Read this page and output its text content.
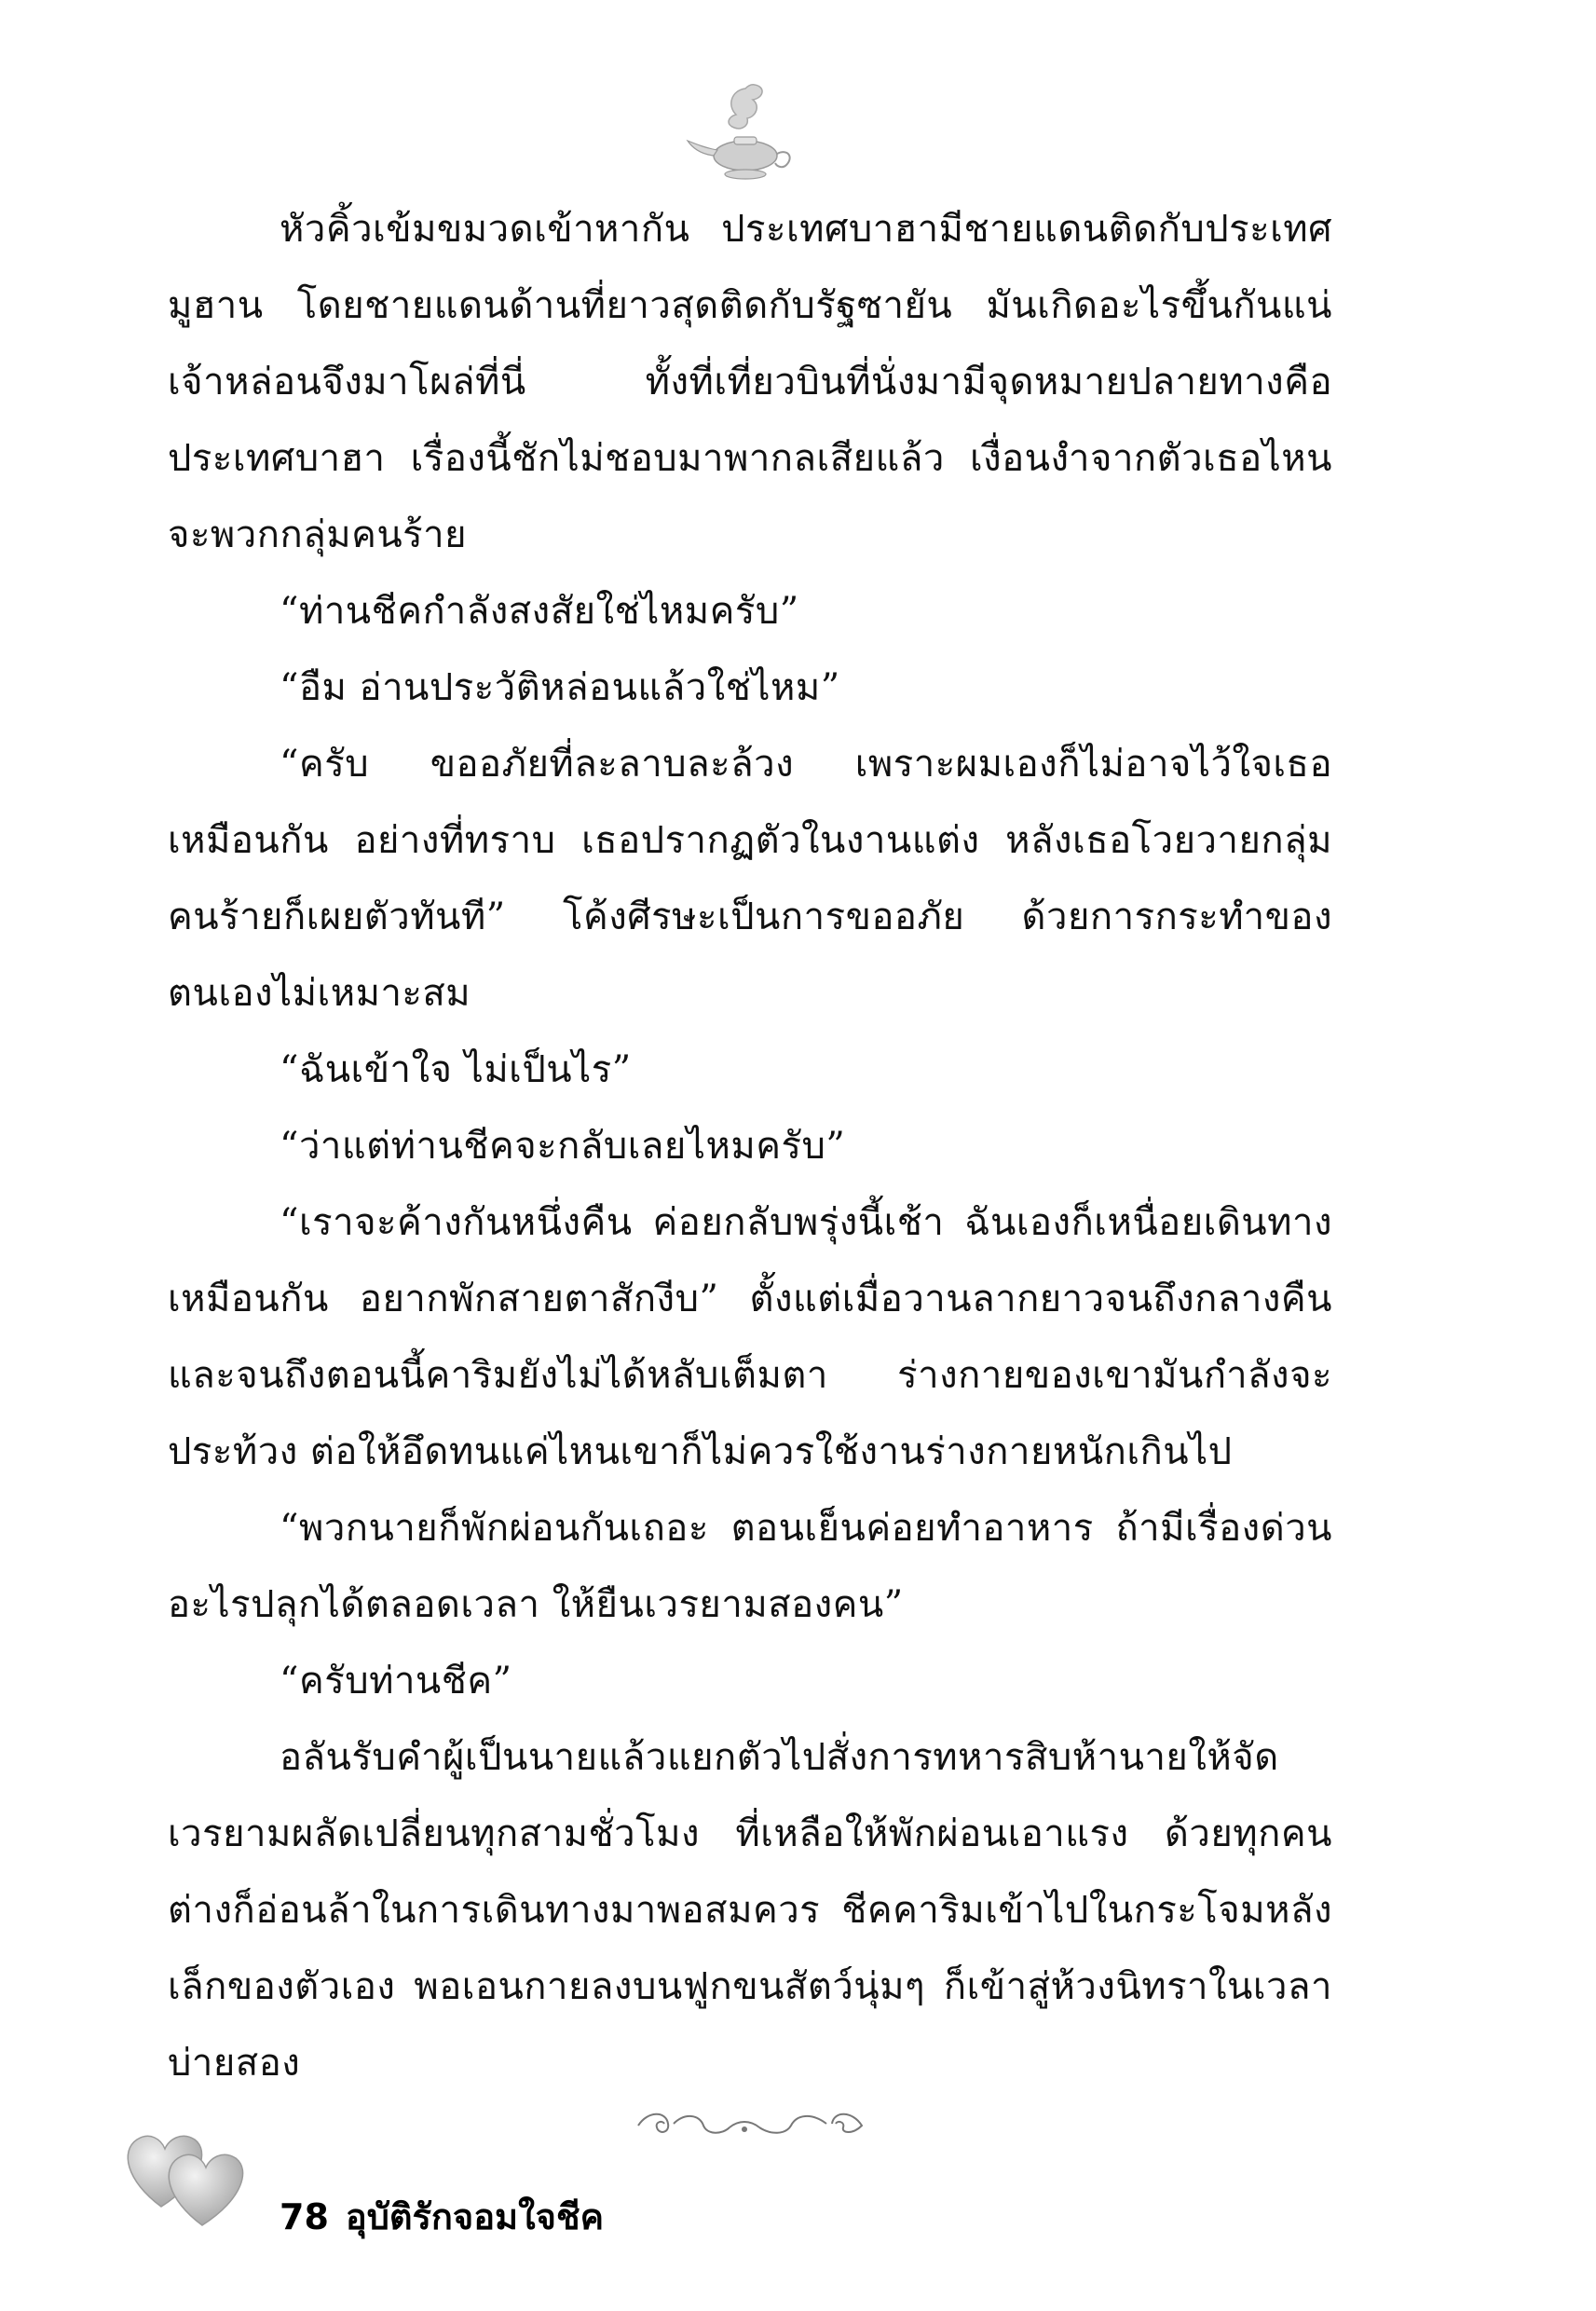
หัวคิ้วเข้มขมวดเข้าหากัน ประเทศบาฮามีชายแดนติดกับประเทศมูฮาน โดยชายแดนด้านที่ยาวสุดติดกับรัฐซายัน มันเกิดอะไรขึ้นกันแน่ เจ้าหล่อนจึงมาโผล่ที่นี่ ทั้งที่เที่ยวบินที่นั่งมามีจุดหมายปลายทางคือประเทศบาฮา เรื่องนี้ชักไม่ชอบมาพากลเสียแล้ว เงื่อนงำจากตัวเธอไหนจะพวกกลุ่มคนร้าย

“ท่านชีคกำลังสงสัยใช่ไหมครับ”

“อืม อ่านประวัติหล่อนแล้วใช่ไหม”

“ครับ ขออภัยที่ละลาบละล้วง เพราะผมเองก็ไม่อาจไว้ใจเธอเหมือนกัน อย่างที่ทราบ เธอปรากฏตัวในงานแต่ง หลังเธอโวยวายกลุ่มคนร้ายก็เผยตัวทันที” โค้งศีรษะเป็นการขออภัย ด้วยการกระทำของตนเองไม่เหมาะสม

“ฉันเข้าใจ ไม่เป็นไร”

“ว่าแต่ท่านชีคจะกลับเลยไหมครับ”

“เราจะค้างกันหนึ่งคืน ค่อยกลับพรุ่งนี้เช้า ฉันเองก็เหนื่อยเดินทางเหมือนกัน อยากพักสายตาสักงีบ” ตั้งแต่เมื่อวานลากยาวจนถึงกลางคืนและจนถึงตอนนี้คาริมยังไม่ได้หลับเต็มตา ร่างกายของเขามันกำลังจะประท้วง ต่อให้อึดทนแค่ไหนเขาก็ไม่ควรใช้งานร่างกายหนักเกินไป

“พวกนายก็พักผ่อนกันเถอะ ตอนเย็นค่อยทำอาหาร ถ้ามีเรื่องด่วนอะไรปลุกได้ตลอดเวลา ให้ยืนเวรยามสองคน”

“ครับท่านชีค”

อลันรับคำผู้เป็นนายแล้วแยกตัวไปสั่งการทหารสิบห้านายให้จัดเวรยามผลัดเปลี่ยนทุกสามชั่วโมง ที่เหลือให้พักผ่อนเอาแรง ด้วยทุกคนต่างก็อ่อนล้าในการเดินทางมาพอสมควร ชีคคาริมเข้าไปในกระโจมหลังเล็กของตัวเอง พอเอนกายลงบนฟูกขนสัตว์นุ่มๆ ก็เข้าสู่ห้วงนิทราในเวลาบ่ายสอง

78 อุบัติรักจอมใจชีค
